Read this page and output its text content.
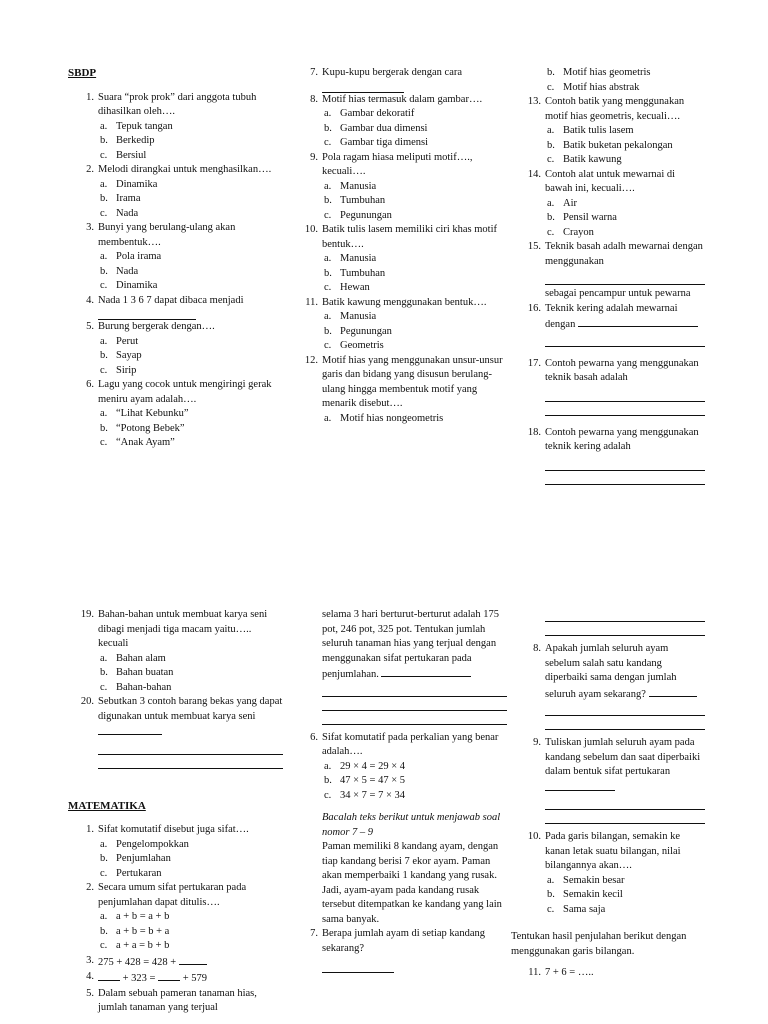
SBDP
1. Suara “prok prok” dari anggota tubuh dihasilkan oleh….
a. Tepuk tangan
b. Berkedip
c. Bersiul
2. Melodi dirangkai untuk menghasilkan….
a. Dinamika
b. Irama
c. Nada
3. Bunyi yang berulang-ulang akan membentuk….
a. Pola irama
b. Nada
c. Dinamika
4. Nada 1 3 6 7 dapat dibaca menjadi
5. Burung bergerak dengan….
a. Perut
b. Sayap
c. Sirip
6. Lagu yang cocok untuk mengiringi gerak meniru ayam adalah….
a. “Lihat Kebunku”
b. “Potong Bebek”
c. “Anak Ayam”
7. Kupu-kupu bergerak dengan cara
8. Motif hias termasuk dalam gambar….
a. Gambar dekoratif
b. Gambar dua dimensi
c. Gambar tiga dimensi
9. Pola ragam hiasa meliputi motif…., kecuali….
a. Manusia
b. Tumbuhan
c. Pegunungan
10. Batik tulis lasem memiliki ciri khas motif bentuk….
a. Manusia
b. Tumbuhan
c. Hewan
11. Batik kawung menggunakan bentuk….
a. Manusia
b. Pegunungan
c. Geometris
12. Motif hias yang menggunakan unsur-unsur garis dan bidang yang disusun berulang-ulang hingga membentuk motif yang menarik disebut….
a. Motif hias nongeometris
b. Motif hias geometris
c. Motif hias abstrak
13. Contoh batik yang menggunakan motif hias geometris, kecuali….
a. Batik tulis lasem
b. Batik buketan pekalongan
c. Batik kawung
14. Contoh alat untuk mewarnai di bawah ini, kecuali….
a. Air
b. Pensil warna
c. Crayon
15. Teknik basah adalh mewarnai dengan menggunakan
sebagai pencampur untuk pewarna
16. Teknik kering adalah mewarnai
dengan
17. Contoh pewarna yang menggunakan teknik basah adalah
18. Contoh pewarna yang menggunakan teknik kering adalah
19. Bahan-bahan untuk membuat karya seni dibagi menjadi tiga macam yaitu….. kecuali
a. Bahan alam
b. Bahan buatan
c. Bahan-bahan
20. Sebutkan 3 contoh barang bekas yang dapat digunakan untuk membuat karya seni
MATEMATIKA
1. Sifat komutatif disebut juga sifat….
a. Pengelompokkan
b. Penjumlahan
c. Pertukaran
2. Secara umum sifat pertukaran pada penjumlahan dapat ditulis….
a. a + b = a + b
b. a + b = b + a
c. a + a = b + b
3. 275 + 428 = 428 +
4.	+ 323 =	+ 579
5. Dalam sebuah pameran tanaman hias, jumlah tanaman yang terjual
selama 3 hari berturut-berturut adalah 175 pot, 246 pot, 325 pot. Tentukan jumlah seluruh tanaman hias yang terjual dengan menggunakan sifat pertukaran pada penjumlahan.
6. Sifat komutatif pada perkalian yang benar adalah….
a. 29 × 4 = 29 × 4
b. 47 × 5 = 47 × 5
c. 34 × 7 = 7 × 34
Bacalah teks berikut untuk menjawab soal nomor 7 – 9
Paman memiliki 8 kandang ayam, dengan tiap kandang berisi 7 ekor ayam. Paman akan memperbaiki 1 kandang yang rusak. Jadi, ayam-ayam pada kandang rusak tersebut ditempatkan ke kandang yang lain sama banyak.
7. Berapa jumlah ayam di setiap kandang sekarang?
8. Apakah jumlah seluruh ayam sebelum salah satu kandang diperbaiki sama dengan jumlah seluruh ayam sekarang?
9. Tuliskan jumlah seluruh ayam pada kandang sebelum dan saat diperbaiki dalam bentuk sifat pertukaran
10. Pada garis bilangan, semakin ke kanan letak suatu bilangan, nilai bilangannya akan….
a. Semakin besar
b. Semakin kecil
c. Sama saja
Tentukan hasil penjulahan berikut dengan menggunakan garis bilangan.
11. 7 + 6 = …..
